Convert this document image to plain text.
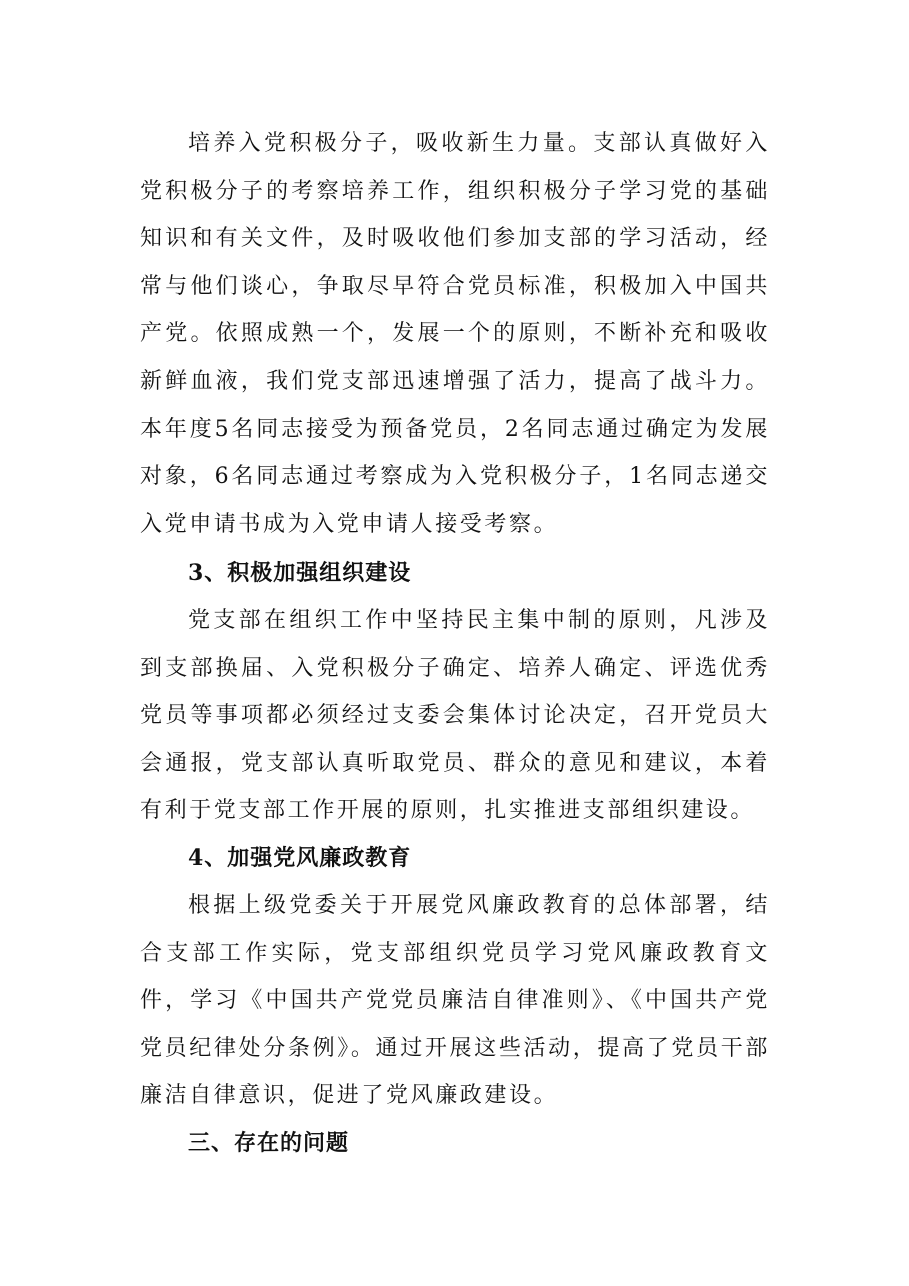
培养入党积极分子，吸收新生力量。支部认真做好入党积极分子的考察培养工作，组织积极分子学习党的基础知识和有关文件，及时吸收他们参加支部的学习活动，经常与他们谈心，争取尽早符合党员标准，积极加入中国共产党。依照成熟一个，发展一个的原则，不断补充和吸收新鲜血液，我们党支部迅速增强了活力，提高了战斗力。本年度5名同志接受为预备党员，2名同志通过确定为发展对象，6名同志通过考察成为入党积极分子，1名同志递交入党申请书成为入党申请人接受考察。

3、积极加强组织建设

党支部在组织工作中坚持民主集中制的原则，凡涉及到支部换届、入党积极分子确定、培养人确定、评选优秀党员等事项都必须经过支委会集体讨论决定，召开党员大会通报，党支部认真听取党员、群众的意见和建议，本着有利于党支部工作开展的原则，扎实推进支部组织建设。

4、加强党风廉政教育

根据上级党委关于开展党风廉政教育的总体部署，结合支部工作实际，党支部组织党员学习党风廉政教育文件，学习《中国共产党党员廉洁自律准则》、《中国共产党党员纪律处分条例》。通过开展这些活动，提高了党员干部廉洁自律意识，促进了党风廉政建设。

三、存在的问题
